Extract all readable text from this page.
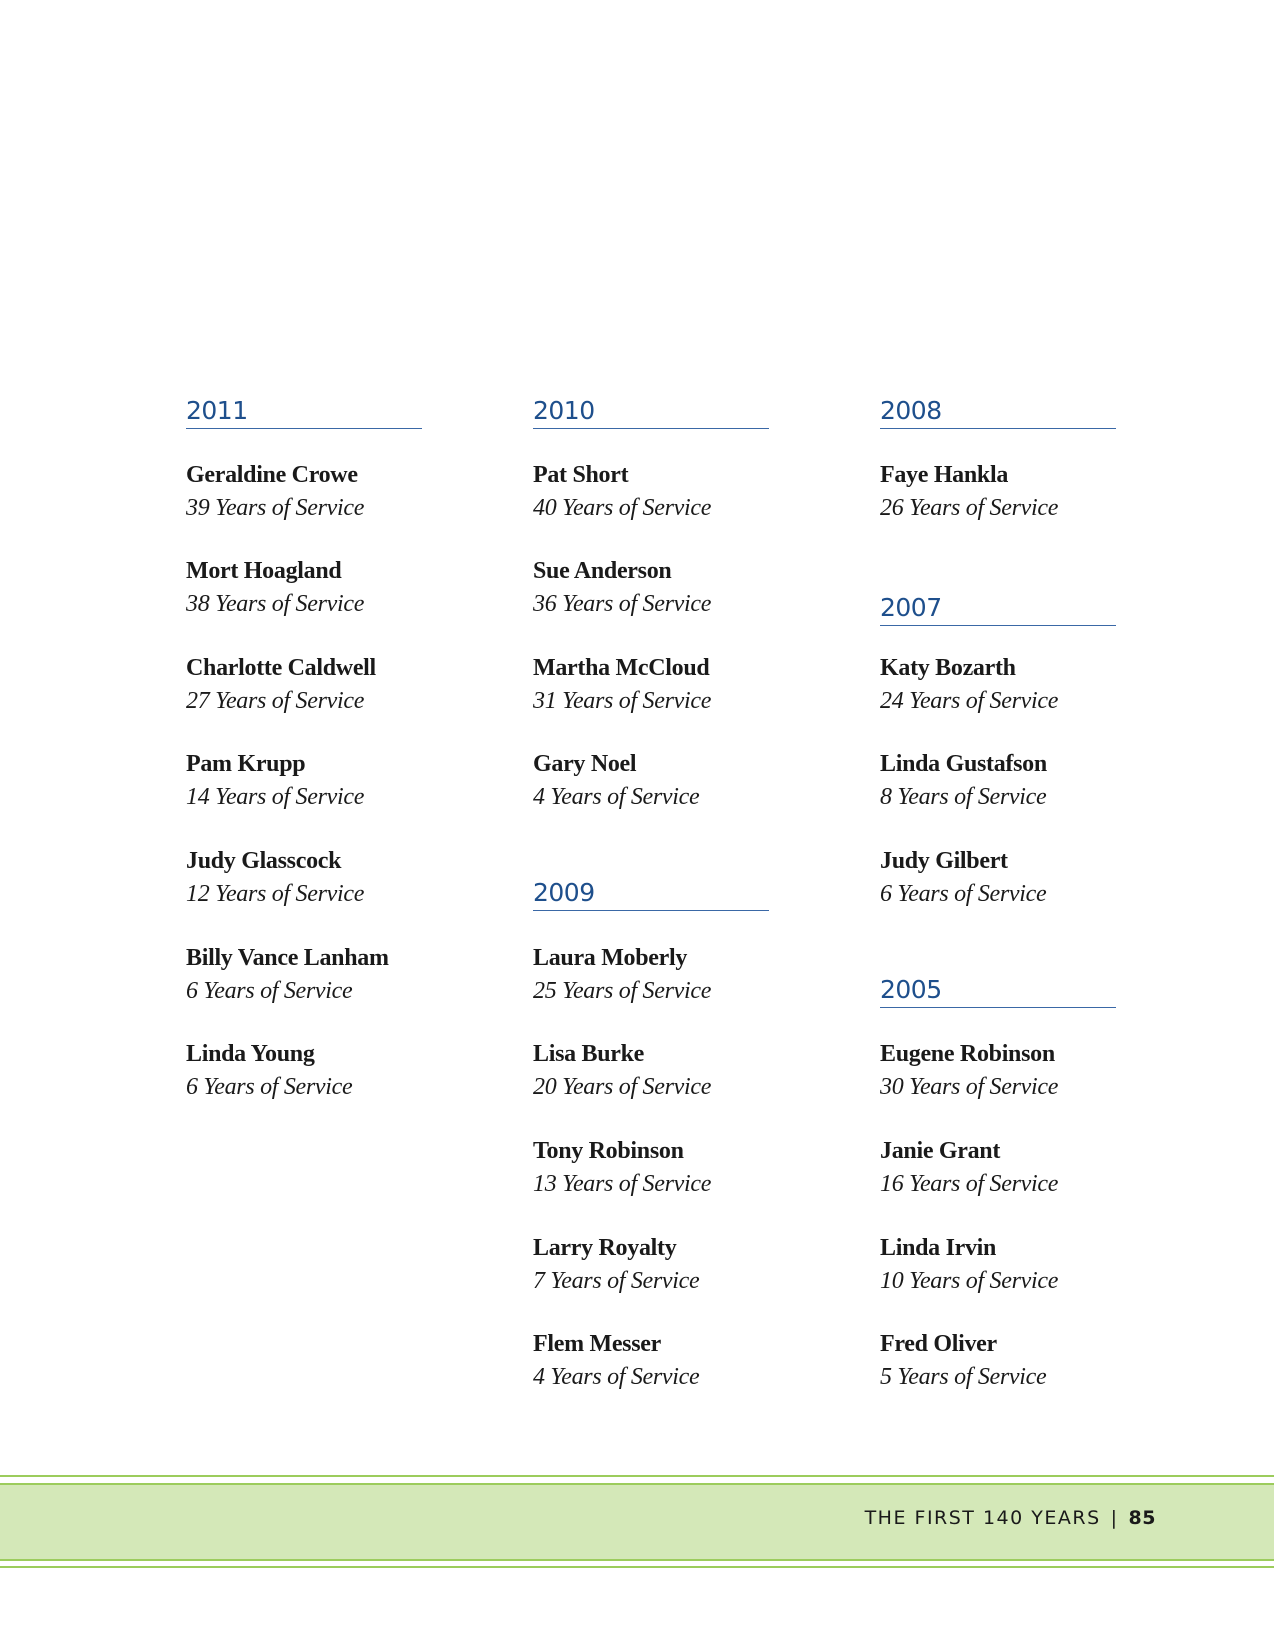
2011
Geraldine Crowe
39 Years of Service
Mort Hoagland
38 Years of Service
Charlotte Caldwell
27 Years of Service
Pam Krupp
14 Years of Service
Judy Glasscock
12 Years of Service
Billy Vance Lanham
6 Years of Service
Linda Young
6 Years of Service
2010
Pat Short
40 Years of Service
Sue Anderson
36 Years of Service
Martha McCloud
31 Years of Service
Gary Noel
4 Years of Service
2009
Laura Moberly
25 Years of Service
Lisa Burke
20 Years of Service
Tony Robinson
13 Years of Service
Larry Royalty
7 Years of Service
Flem Messer
4 Years of Service
2008
Faye Hankla
26 Years of Service
2007
Katy Bozarth
24 Years of Service
Linda Gustafson
8 Years of Service
Judy Gilbert
6 Years of Service
2005
Eugene Robinson
30 Years of Service
Janie Grant
16 Years of Service
Linda Irvin
10 Years of Service
Fred Oliver
5 Years of Service
THE FIRST 140 YEARS | 85
